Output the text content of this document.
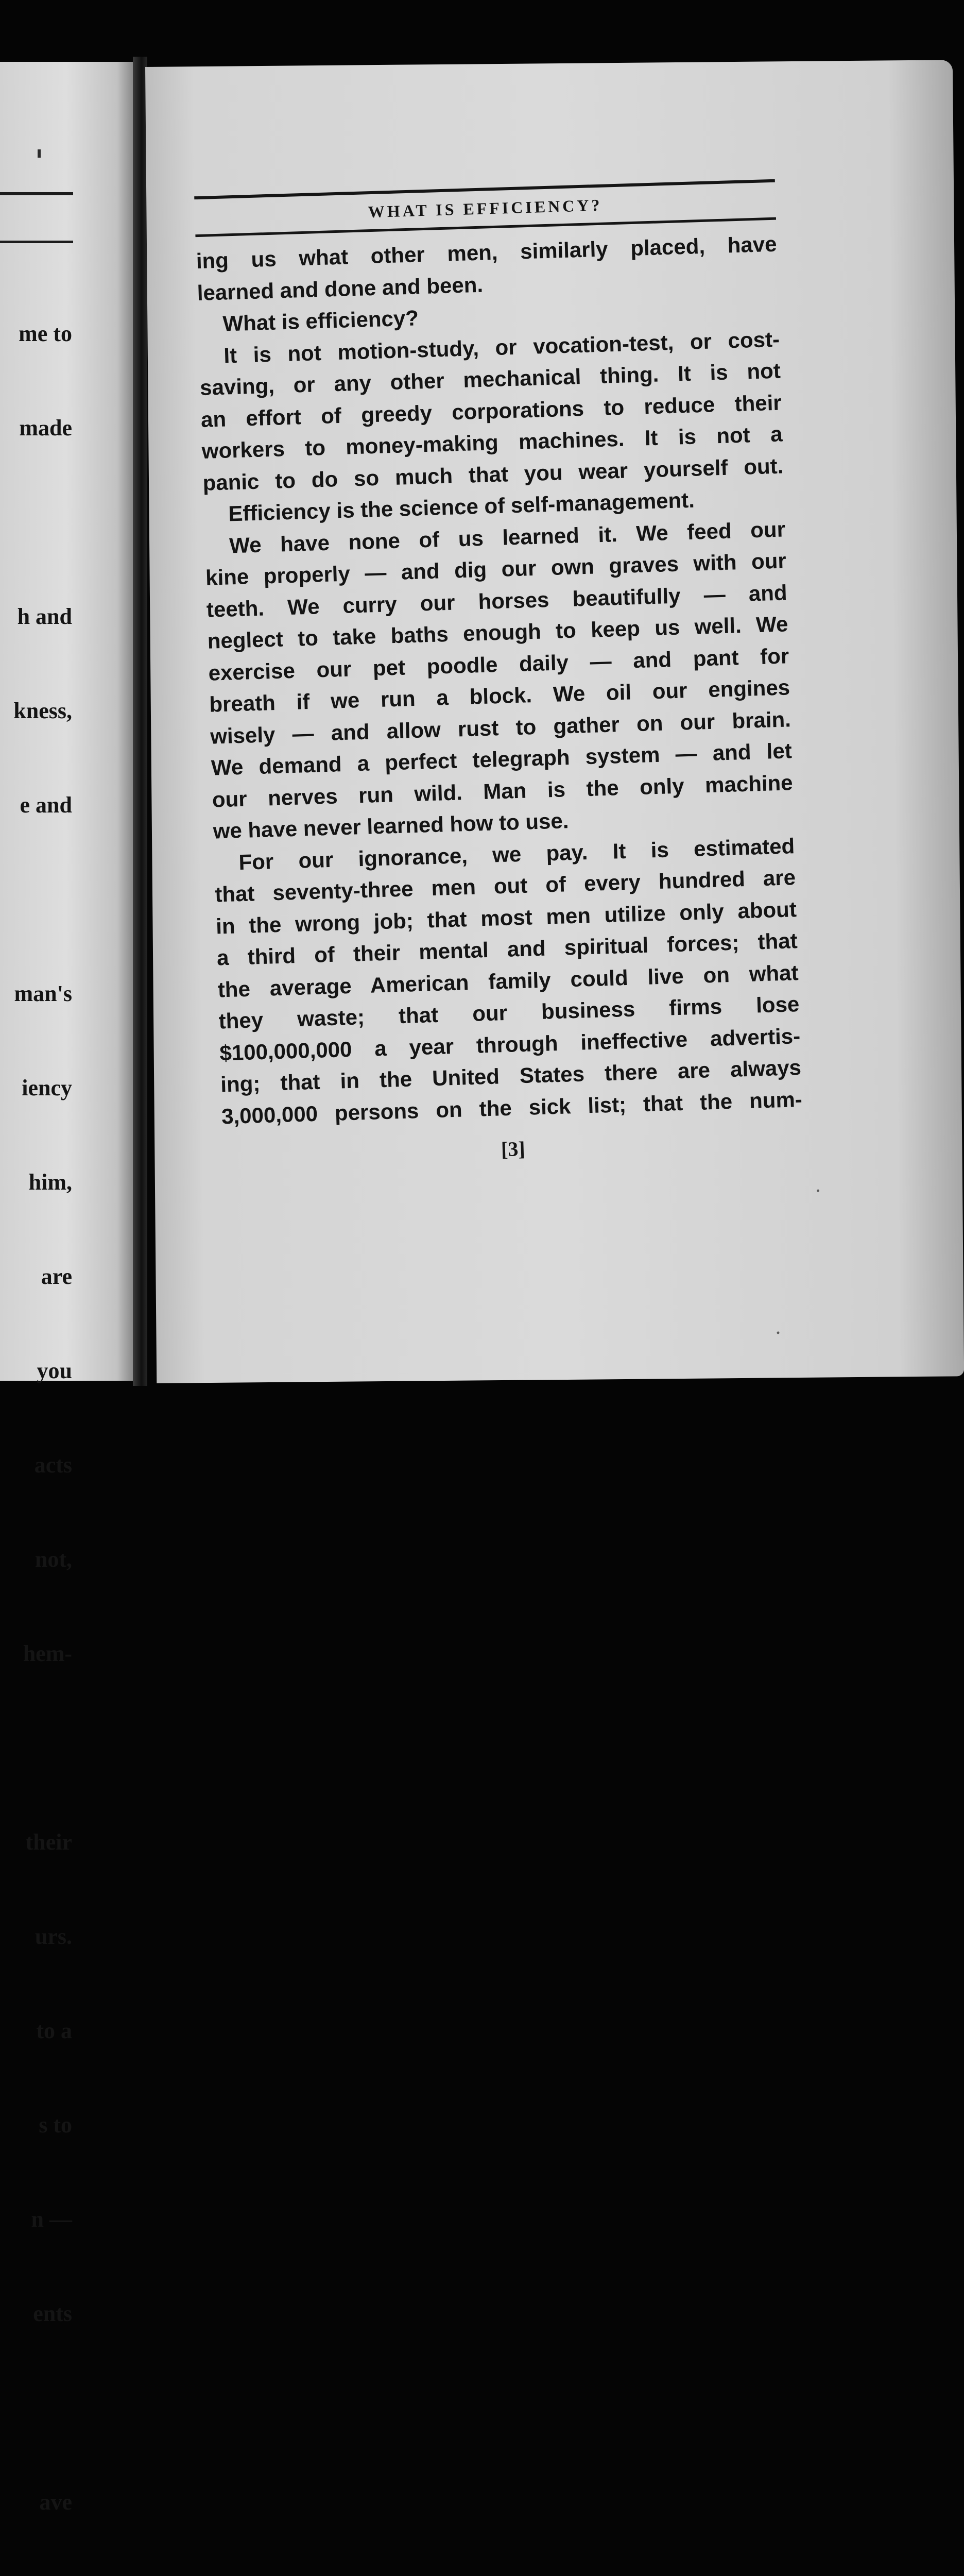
me to

made

h and

kness,

e and

man's

iency

him,

are

you

acts

not,

hem-

their

urs.

to a

s to

n —

ents

ave

WHAT IS EFFICIENCY?
ing us what other men, similarly placed, have
learned and done and been.
What is efficiency?
It is not motion-study, or vocation-test, or cost-
saving, or any other mechanical thing. It is not
an effort of greedy corporations to reduce their
workers to money-making machines. It is not a
panic to do so much that you wear yourself out.
Efficiency is the science of self-management.
We have none of us learned it. We feed our
kine properly — and dig our own graves with our
teeth. We curry our horses beautifully — and
neglect to take baths enough to keep us well. We
exercise our pet poodle daily — and pant for
breath if we run a block. We oil our engines
wisely — and allow rust to gather on our brain.
We demand a perfect telegraph system — and let
our nerves run wild. Man is the only machine
we have never learned how to use.
For our ignorance, we pay. It is estimated
that seventy-three men out of every hundred are
in the wrong job; that most men utilize only about
a third of their mental and spiritual forces; that
the average American family could live on what
they waste; that our business firms lose
$100,000,000 a year through ineffective advertis-
ing; that in the United States there are always
3,000,000 persons on the sick list; that the num-
[3]
